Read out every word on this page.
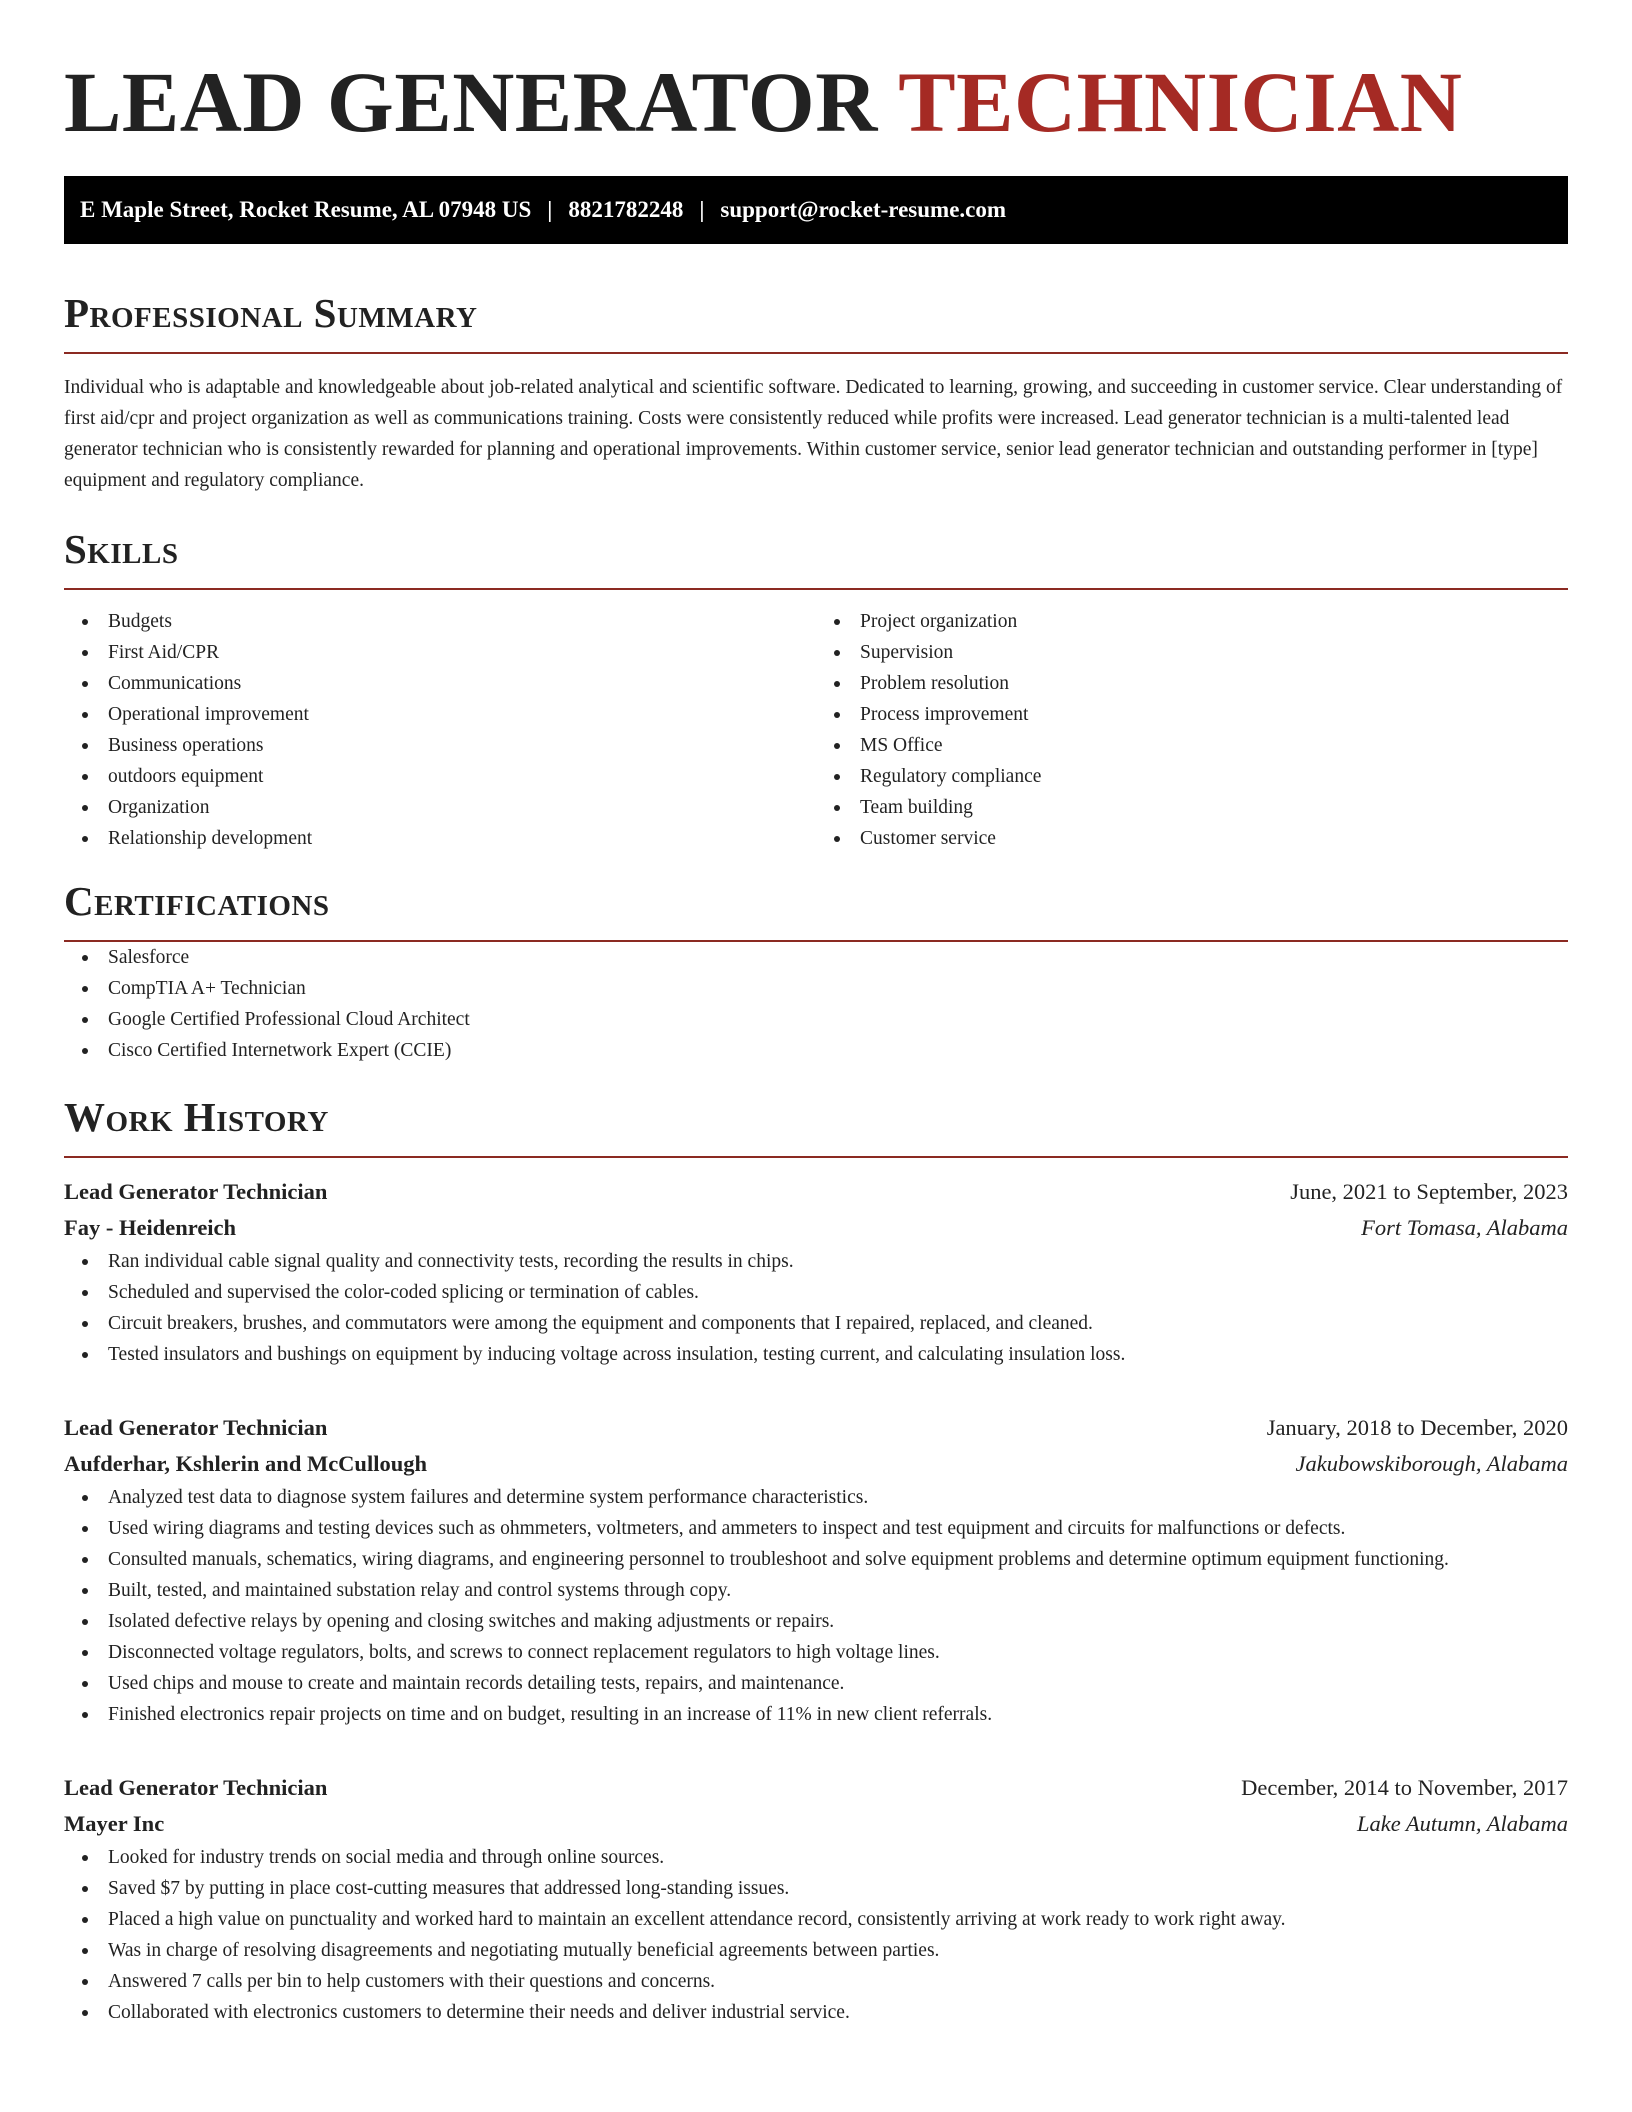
LEAD GENERATOR TECHNICIAN
E Maple Street, Rocket Resume, AL 07948 US | 8821782248 | support@rocket-resume.com
Professional Summary

Individual who is adaptable and knowledgeable about job-related analytical and scientific software. Dedicated to learning, growing, and succeeding in customer service. Clear understanding of first aid/cpr and project organization as well as communications training. Costs were consistently reduced while profits were increased. Lead generator technician is a multi-talented lead generator technician who is consistently rewarded for planning and operational improvements. Within customer service, senior lead generator technician and outstanding performer in [type] equipment and regulatory compliance.

Skills
Budgets
First Aid/CPR
Communications
Operational improvement
Business operations
outdoors equipment
Organization
Relationship development
Project organization
Supervision
Problem resolution
Process improvement
MS Office
Regulatory compliance
Team building
Customer service
Certifications
Salesforce
CompTIA A+ Technician
Google Certified Professional Cloud Architect
Cisco Certified Internetwork Expert (CCIE)
Work History
Lead Generator Technician	June, 2021 to September, 2023
Fay - Heidenreich	Fort Tomasa, Alabama
Ran individual cable signal quality and connectivity tests, recording the results in chips.
Scheduled and supervised the color-coded splicing or termination of cables.
Circuit breakers, brushes, and commutators were among the equipment and components that I repaired, replaced, and cleaned.
Tested insulators and bushings on equipment by inducing voltage across insulation, testing current, and calculating insulation loss.
Lead Generator Technician	January, 2018 to December, 2020
Aufderhar, Kshlerin and McCullough	Jakubowskiborough, Alabama
Analyzed test data to diagnose system failures and determine system performance characteristics.
Used wiring diagrams and testing devices such as ohmmeters, voltmeters, and ammeters to inspect and test equipment and circuits for malfunctions or defects.
Consulted manuals, schematics, wiring diagrams, and engineering personnel to troubleshoot and solve equipment problems and determine optimum equipment functioning.
Built, tested, and maintained substation relay and control systems through copy.
Isolated defective relays by opening and closing switches and making adjustments or repairs.
Disconnected voltage regulators, bolts, and screws to connect replacement regulators to high voltage lines.
Used chips and mouse to create and maintain records detailing tests, repairs, and maintenance.
Finished electronics repair projects on time and on budget, resulting in an increase of 11% in new client referrals.
Lead Generator Technician	December, 2014 to November, 2017
Mayer Inc	Lake Autumn, Alabama
Looked for industry trends on social media and through online sources.
Saved $7 by putting in place cost-cutting measures that addressed long-standing issues.
Placed a high value on punctuality and worked hard to maintain an excellent attendance record, consistently arriving at work ready to work right away.
Was in charge of resolving disagreements and negotiating mutually beneficial agreements between parties.
Answered 7 calls per bin to help customers with their questions and concerns.
Collaborated with electronics customers to determine their needs and deliver industrial service.
